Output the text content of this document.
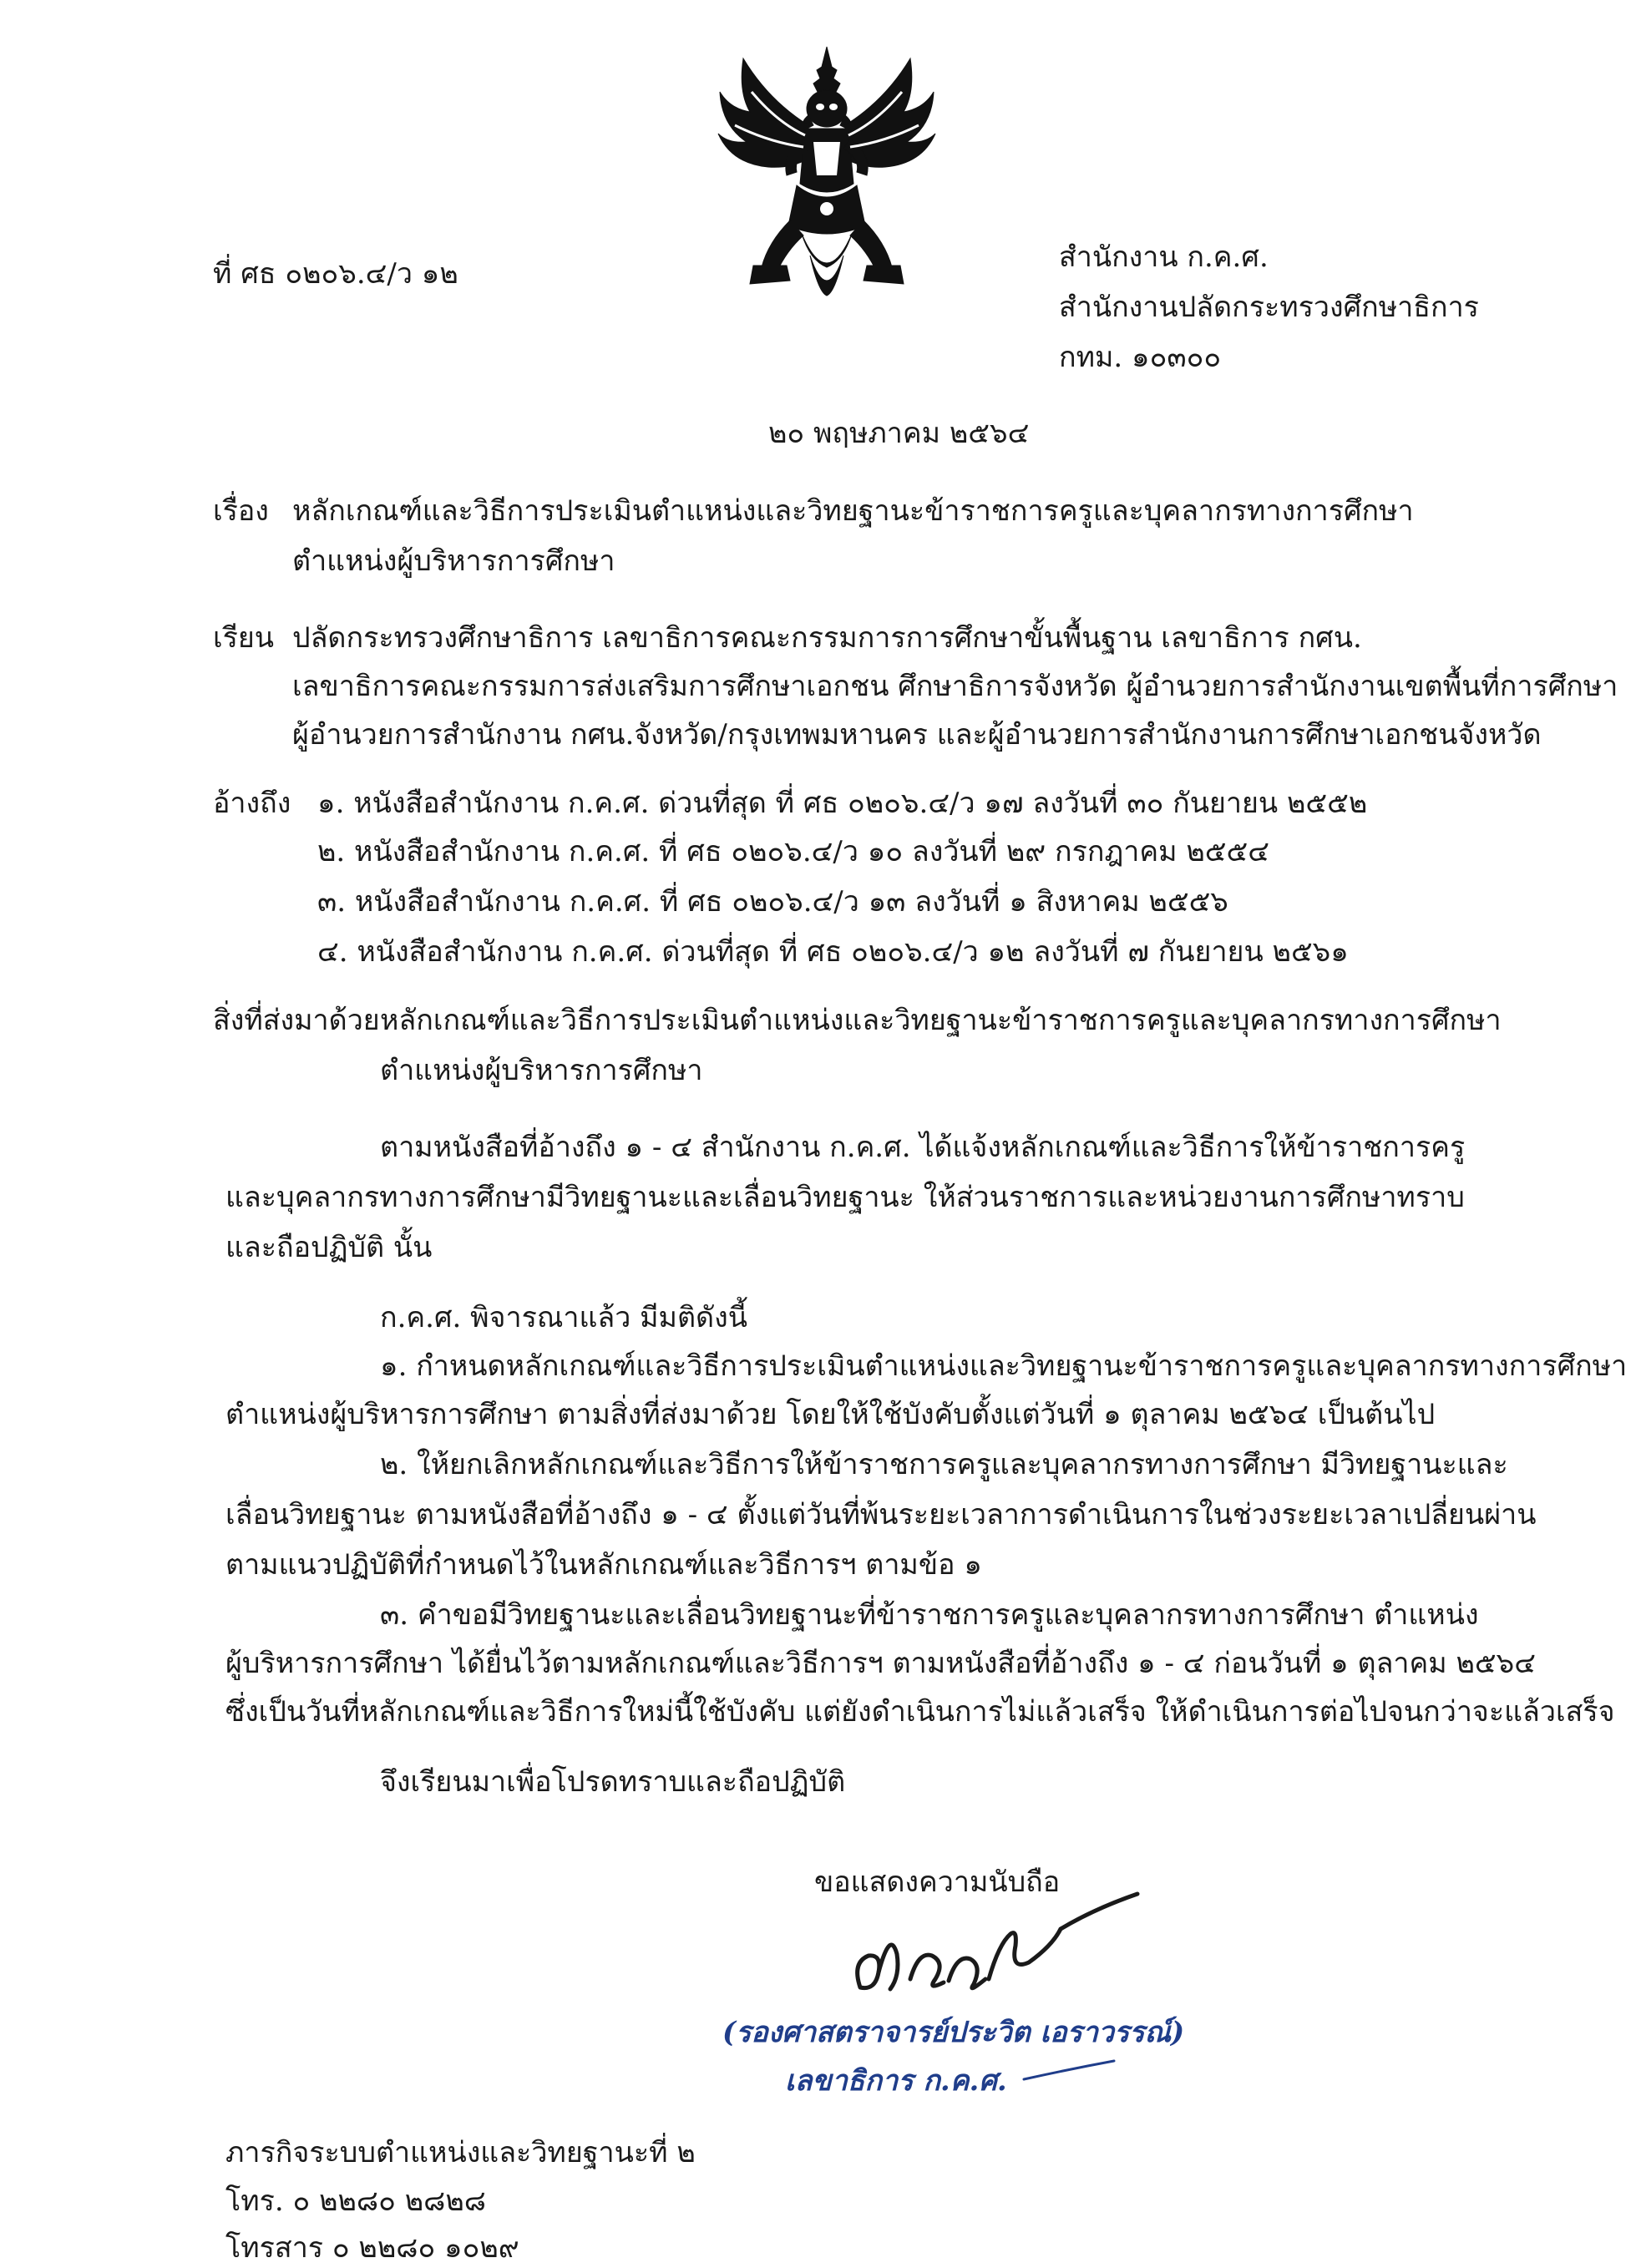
ที่ ศธ ๐๒๐๖.๔/ว ๑๒	สำนักงาน ก.ค.ศ.
สำนักงานปลัดกระทรวงศึกษาธิการ
กทม. ๑๐๓๐๐
๒๐ พฤษภาคม ๒๕๖๔
เรื่อง หลักเกณฑ์และวิธีการประเมินตำแหน่งและวิทยฐานะข้าราชการครูและบุคลากรทางการศึกษา
ตำแหน่งผู้บริหารการศึกษา
เรียน ปลัดกระทรวงศึกษาธิการ เลขาธิการคณะกรรมการการศึกษาขั้นพื้นฐาน เลขาธิการ กศน.
เลขาธิการคณะกรรมการส่งเสริมการศึกษาเอกชน ศึกษาธิการจังหวัด ผู้อำนวยการสำนักงานเขตพื้นที่การศึกษา
ผู้อำนวยการสำนักงาน กศน.จังหวัด/กรุงเทพมหานคร และผู้อำนวยการสำนักงานการศึกษาเอกชนจังหวัด
อ้างถึง ๑. หนังสือสำนักงาน ก.ค.ศ. ด่วนที่สุด ที่ ศธ ๐๒๐๖.๔/ว ๑๗ ลงวันที่ ๓๐ กันยายน ๒๕๕๒
๒. หนังสือสำนักงาน ก.ค.ศ. ที่ ศธ ๐๒๐๖.๔/ว ๑๐ ลงวันที่ ๒๙ กรกฎาคม ๒๕๕๔
๓. หนังสือสำนักงาน ก.ค.ศ. ที่ ศธ ๐๒๐๖.๔/ว ๑๓ ลงวันที่ ๑ สิงหาคม ๒๕๕๖
๔. หนังสือสำนักงาน ก.ค.ศ. ด่วนที่สุด ที่ ศธ ๐๒๐๖.๔/ว ๑๒ ลงวันที่ ๗ กันยายน ๒๕๖๑
สิ่งที่ส่งมาด้วย หลักเกณฑ์และวิธีการประเมินตำแหน่งและวิทยฐานะข้าราชการครูและบุคลากรทางการศึกษา
ตำแหน่งผู้บริหารการศึกษา
ตามหนังสือที่อ้างถึง ๑ - ๔ สำนักงาน ก.ค.ศ. ได้แจ้งหลักเกณฑ์และวิธีการให้ข้าราชการครู
และบุคลากรทางการศึกษามีวิทยฐานะและเลื่อนวิทยฐานะ ให้ส่วนราชการและหน่วยงานการศึกษาทราบ
และถือปฏิบัติ นั้น
ก.ค.ศ. พิจารณาแล้ว มีมติดังนี้
๑. กำหนดหลักเกณฑ์และวิธีการประเมินตำแหน่งและวิทยฐานะข้าราชการครูและบุคลากรทางการศึกษา
ตำแหน่งผู้บริหารการศึกษา ตามสิ่งที่ส่งมาด้วย โดยให้ใช้บังคับตั้งแต่วันที่ ๑ ตุลาคม ๒๕๖๔ เป็นต้นไป
๒. ให้ยกเลิกหลักเกณฑ์และวิธีการให้ข้าราชการครูและบุคลากรทางการศึกษา มีวิทยฐานะและ
เลื่อนวิทยฐานะ ตามหนังสือที่อ้างถึง ๑ - ๔ ตั้งแต่วันที่พ้นระยะเวลาการดำเนินการในช่วงระยะเวลาเปลี่ยนผ่าน
ตามแนวปฏิบัติที่กำหนดไว้ในหลักเกณฑ์และวิธีการฯ ตามข้อ ๑
๓. คำขอมีวิทยฐานะและเลื่อนวิทยฐานะที่ข้าราชการครูและบุคลากรทางการศึกษา ตำแหน่ง
ผู้บริหารการศึกษา ได้ยื่นไว้ตามหลักเกณฑ์และวิธีการฯ ตามหนังสือที่อ้างถึง ๑ - ๔ ก่อนวันที่ ๑ ตุลาคม ๒๕๖๔
ซึ่งเป็นวันที่หลักเกณฑ์และวิธีการใหม่นี้ใช้บังคับ แต่ยังดำเนินการไม่แล้วเสร็จ ให้ดำเนินการต่อไปจนกว่าจะแล้วเสร็จ
จึงเรียนมาเพื่อโปรดทราบและถือปฏิบัติ
ขอแสดงความนับถือ
(รองศาสตราจารย์ประวิต เอราวรรณ์)
เลขาธิการ ก.ค.ศ.
ภารกิจระบบตำแหน่งและวิทยฐานะที่ ๒
โทร. ๐ ๒๒๘๐ ๒๘๒๘
โทรสาร ๐ ๒๒๘๐ ๑๐๒๙
